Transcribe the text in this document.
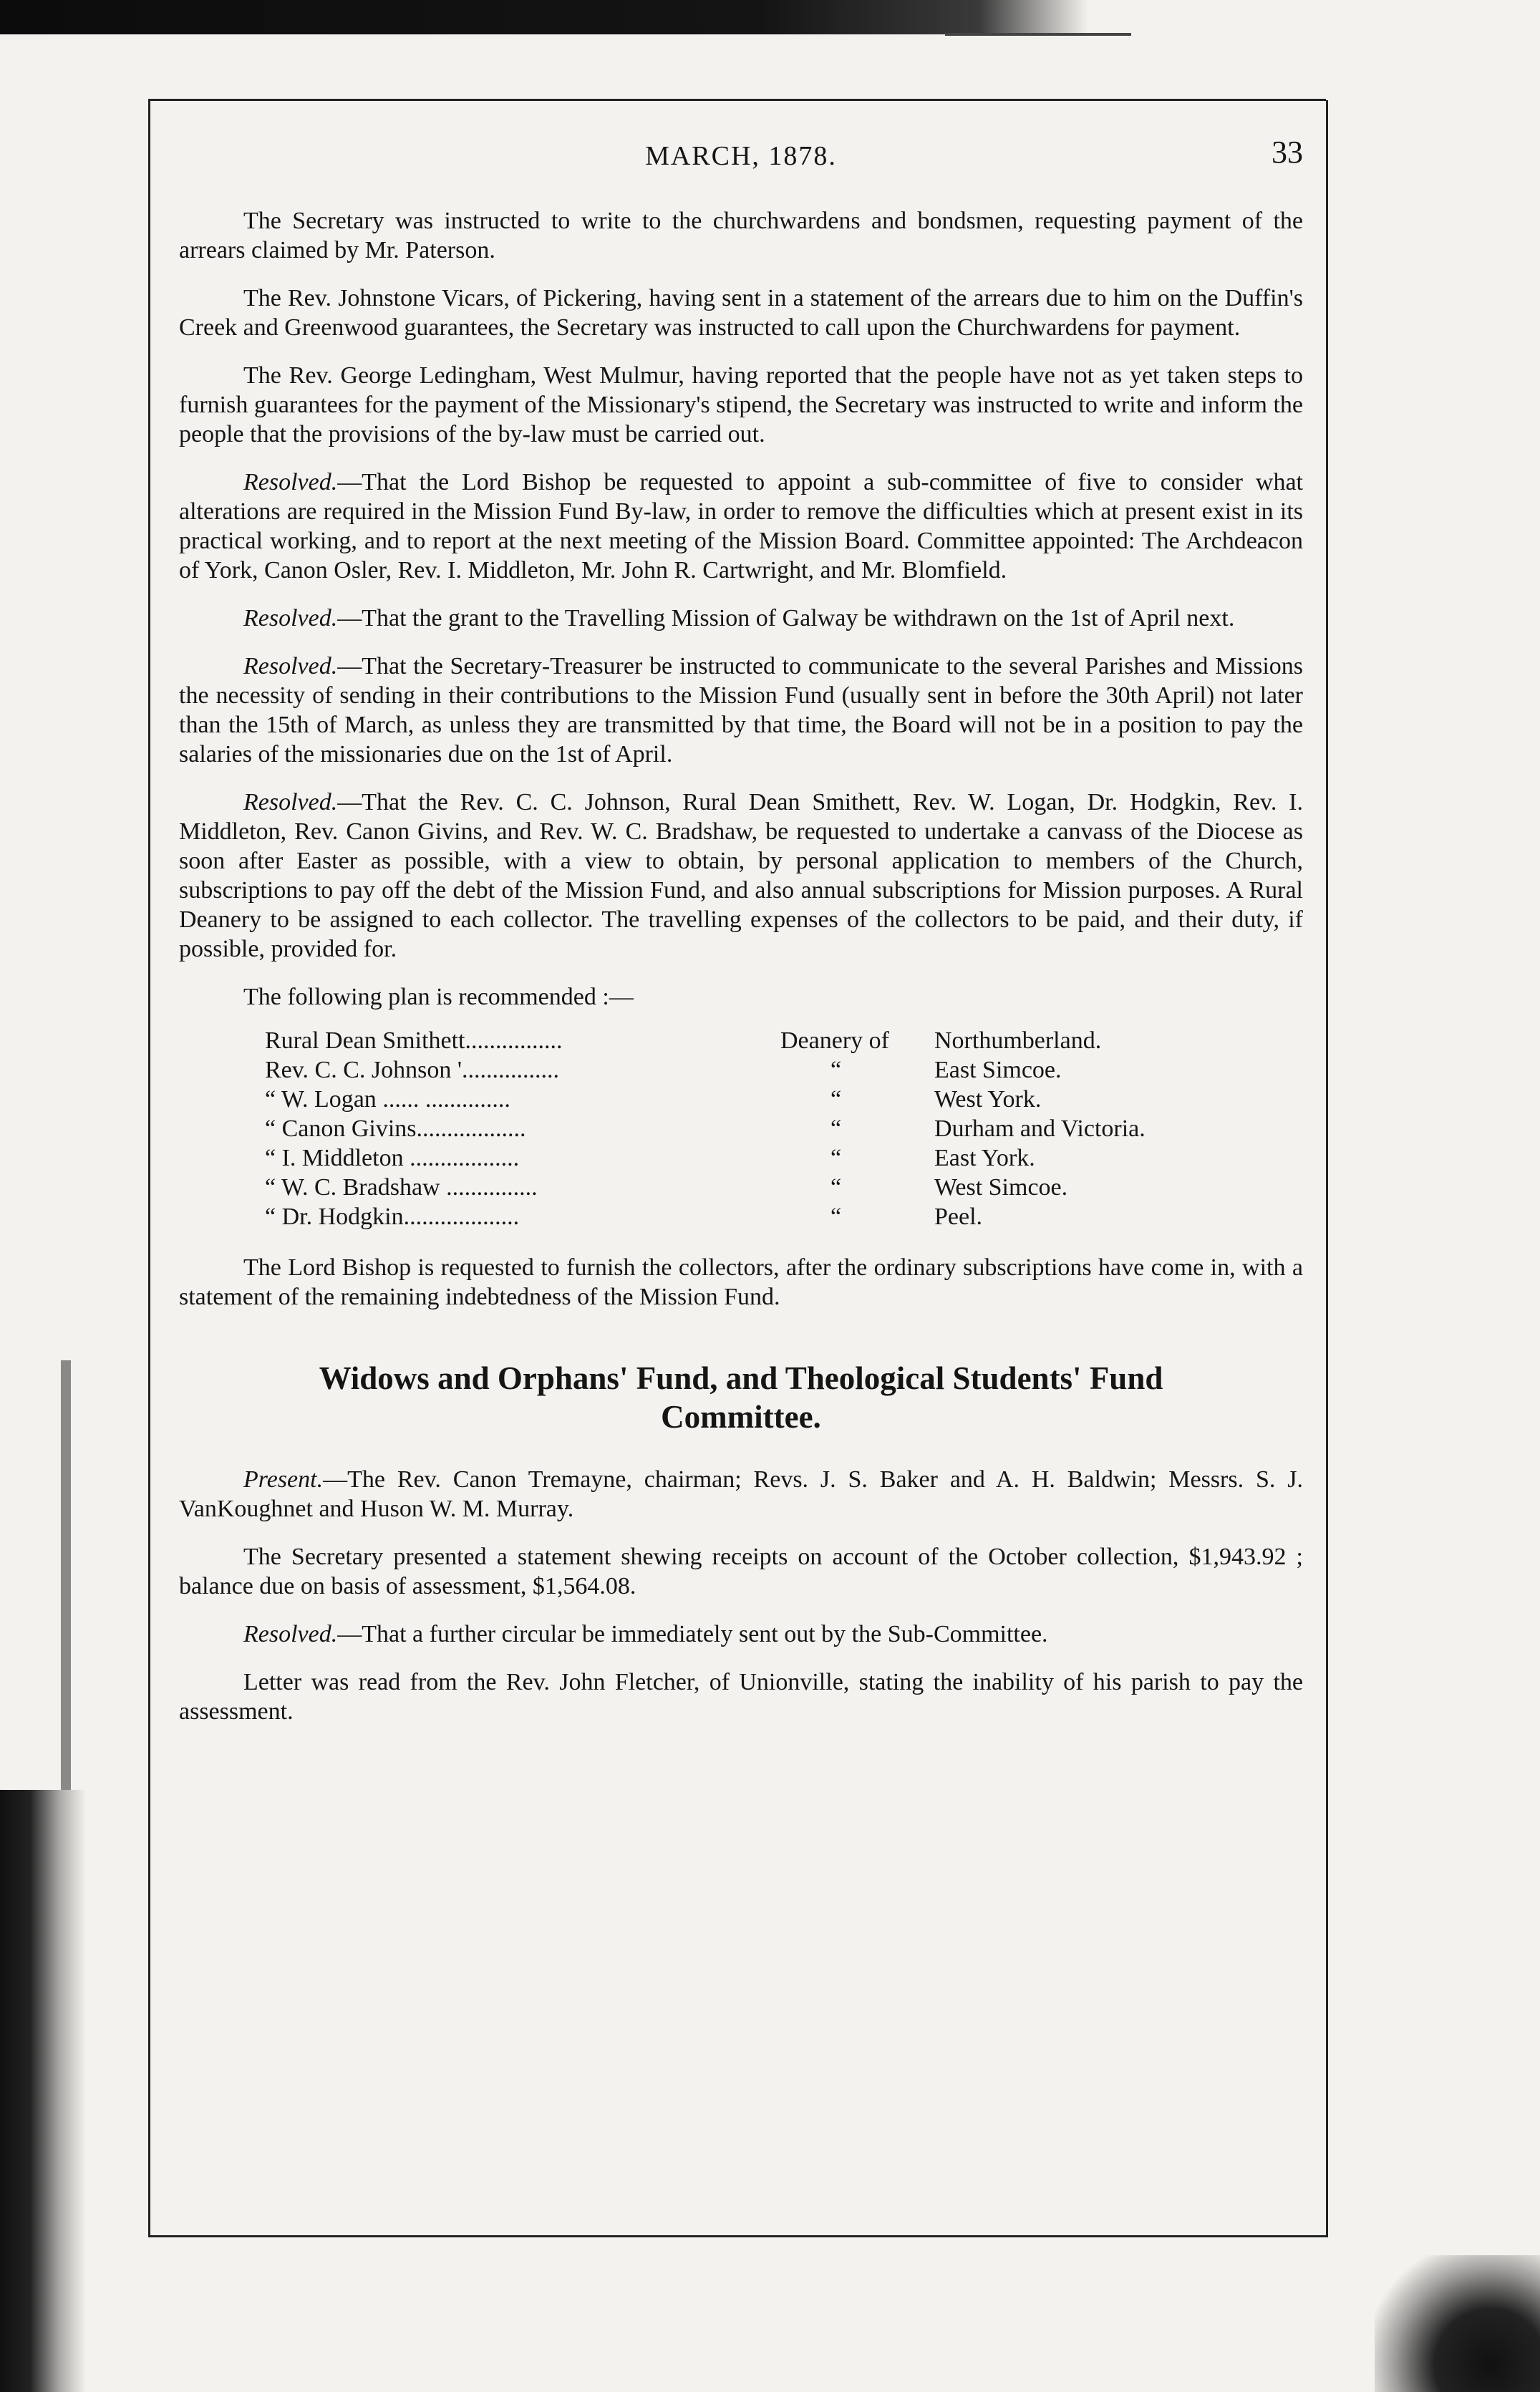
MARCH, 1878.	33

The Secretary was instructed to write to the churchwardens and bondsmen, requesting payment of the arrears claimed by Mr. Paterson.

The Rev. Johnstone Vicars, of Pickering, having sent in a statement of the arrears due to him on the Duffin's Creek and Greenwood guarantees, the Secretary was instructed to call upon the Churchwardens for payment.

The Rev. George Ledingham, West Mulmur, having reported that the people have not as yet taken steps to furnish guarantees for the payment of the Missionary's stipend, the Secretary was instructed to write and inform the people that the provisions of the by-law must be carried out.

Resolved.—That the Lord Bishop be requested to appoint a sub-committee of five to consider what alterations are required in the Mission Fund By-law, in order to remove the difficulties which at present exist in its practical working, and to report at the next meeting of the Mission Board. Committee appointed: The Archdeacon of York, Canon Osler, Rev. I. Middleton, Mr. John R. Cartwright, and Mr. Blomfield.

Resolved.—That the grant to the Travelling Mission of Galway be withdrawn on the 1st of April next.

Resolved.—That the Secretary-Treasurer be instructed to communicate to the several Parishes and Missions the necessity of sending in their contributions to the Mission Fund (usually sent in before the 30th April) not later than the 15th of March, as unless they are transmitted by that time, the Board will not be in a position to pay the salaries of the missionaries due on the 1st of April.

Resolved.—That the Rev. C. C. Johnson, Rural Dean Smithett, Rev. W. Logan, Dr. Hodgkin, Rev. I. Middleton, Rev. Canon Givins, and Rev. W. C. Bradshaw, be requested to undertake a canvass of the Diocese as soon after Easter as possible, with a view to obtain, by personal application to members of the Church, subscriptions to pay off the debt of the Mission Fund, and also annual subscriptions for Mission purposes. A Rural Deanery to be assigned to each collector. The travelling expenses of the collectors to be paid, and their duty, if possible, provided for.

The following plan is recommended :—

Rural Dean Smithett................	Deanery of	Northumberland.
Rev. C. C. Johnson '................	“	East Simcoe.
“ W. Logan ...... ..............	“	West York.
“ Canon Givins..................	“	Durham and Victoria.
“ I. Middleton ..................	“	East York.
“ W. C. Bradshaw ...............	“	West Simcoe.
“ Dr. Hodgkin...................	“	Peel.

The Lord Bishop is requested to furnish the collectors, after the ordinary subscriptions have come in, with a statement of the remaining indebtedness of the Mission Fund.

Widows and Orphans' Fund, and Theological Students' Fund
Committee.

Present.—The Rev. Canon Tremayne, chairman; Revs. J. S. Baker and A. H. Baldwin; Messrs. S. J. VanKoughnet and Huson W. M. Murray.

The Secretary presented a statement shewing receipts on account of the October collection, $1,943.92 ; balance due on basis of assessment, $1,564.08.

Resolved.—That a further circular be immediately sent out by the Sub-Committee.

Letter was read from the Rev. John Fletcher, of Unionville, stating the inability of his parish to pay the assessment.
